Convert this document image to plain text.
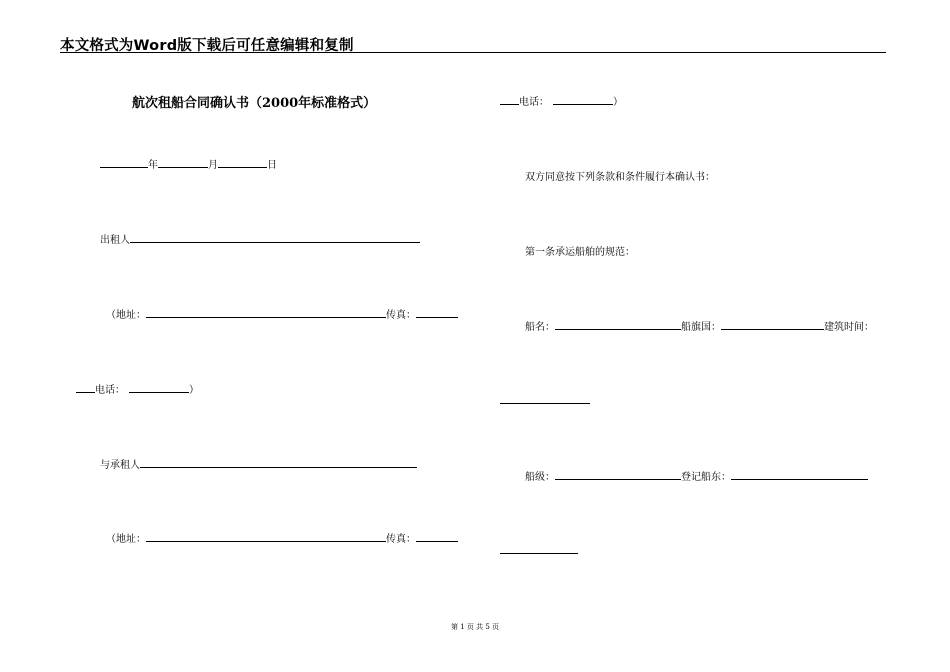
本文格式为Word版下载后可任意编辑和复制
航次租船合同确认书（2000年标准格式）
年	月	日
出租人
（地址：	传真：
电话：	）
与承租人
（地址：	传真：
电话：	）
双方同意按下列条款和条件履行本确认书：
第一条承运船舶的规范：
船名：	船旗国：	建筑时间：
船级：	登记船东：
第 1 页 共 5 页
